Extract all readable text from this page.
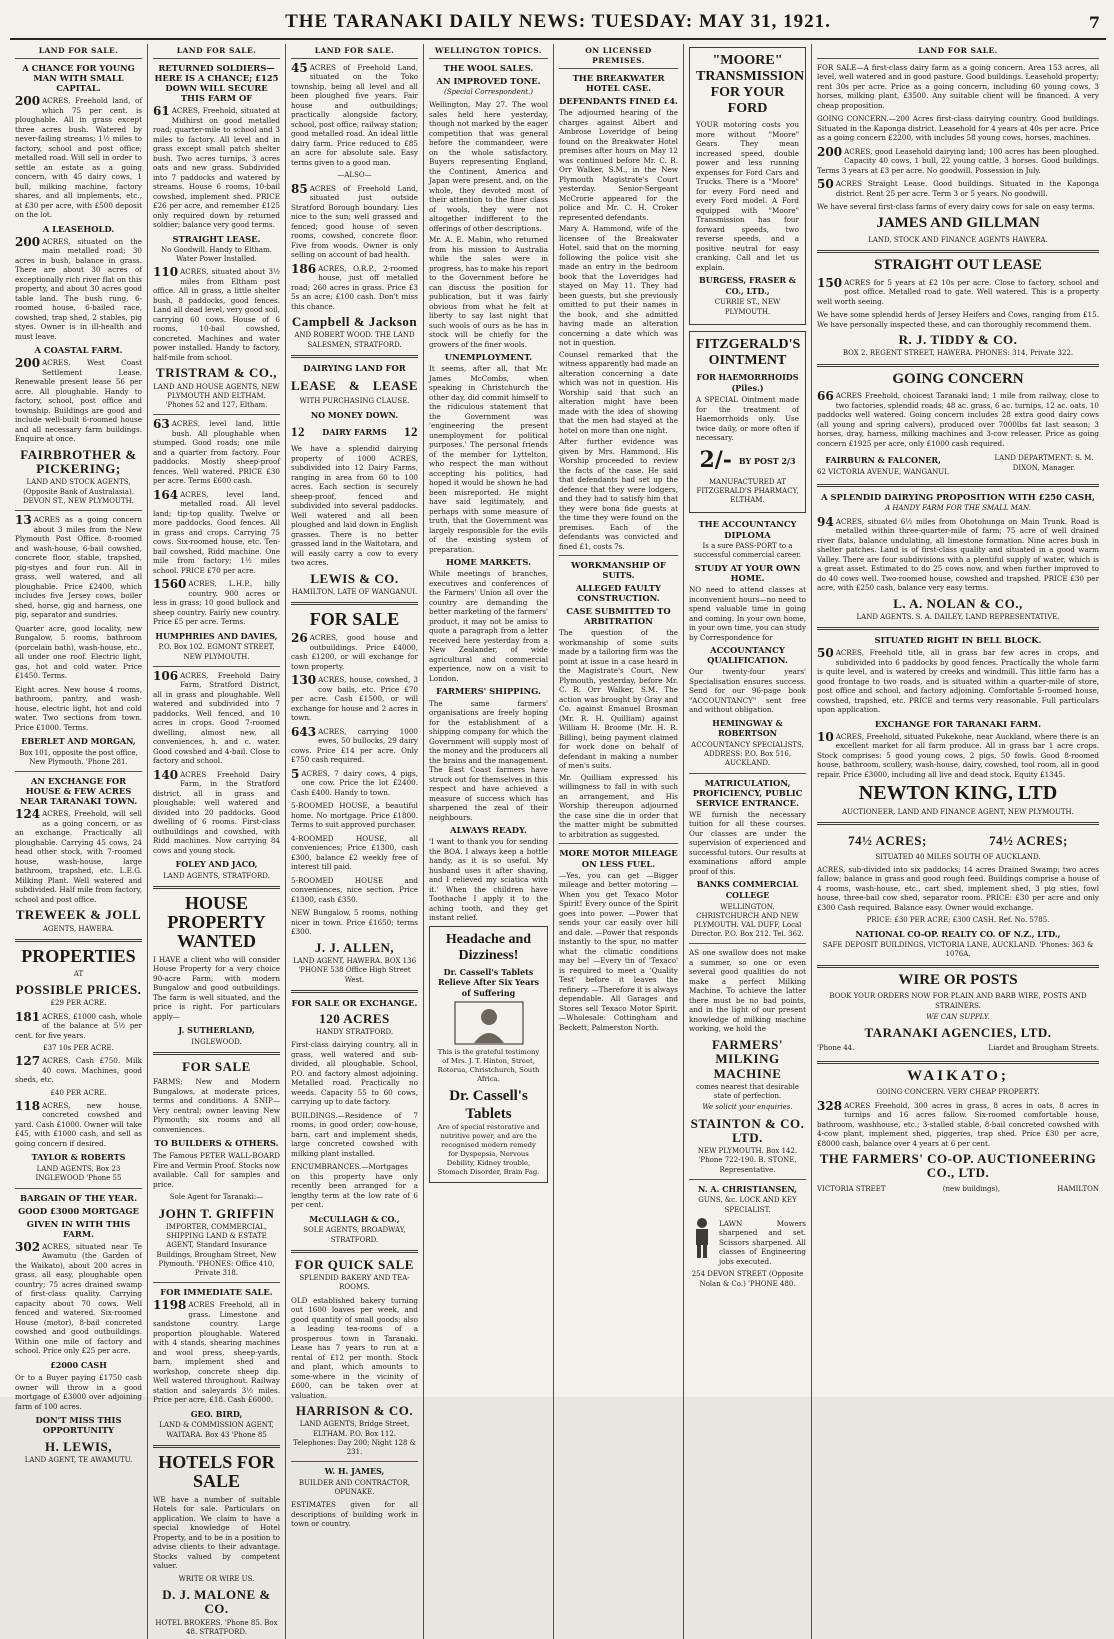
THE TARANAKI DAILY NEWS: TUESDAY: MAY 31, 1921.	7
LAND FOR SALE.
A CHANCE FOR YOUNG MAN WITH SMALL CAPITAL.
200 ACRES, Freehold land, of which 75 per cent. is ploughable. All in grass except three acres bush. Watered by never-failing streams; 1½ miles to factory, school and post office; metalled road. Will sell in order to settle an estate as a going concern, with 45 dairy cows, 1 bull, milking machine, factory shares, and all implements, etc., at £30 per acre, with £500 deposit on the lot.
A LEASEHOLD.
200 ACRES, situated on the main metalled road; 30 acres in bush, balance in grass. There are about 30 acres of exceptionally rich river flat on this property, and about 30 acres good table land. The bush rung, 6-roomed house, 6-bailed race, cowshed, trap shed, 2 stables, pig styes. Owner is in ill-health and must leave.
A COASTAL FARM.
200 ACRES, West Coast Settlement Lease. Renewable present lease 56 per acre. All ploughable. Handy to factory, school, post office and township. Buildings are good and include well-built 6-roomed house and all necessary farm buildings. Enquire at once.
FAIRBROTHER & PICKERING;
LAND AND STOCK AGENTS, (Opposite Bank of Australasia). DEVON ST., NEW PLYMOUTH.
13 ACRES as a going concern about 3 miles from the New Plymouth Post Office. 8-roomed and wash-house, 6-bail cowshed, concrete floor, stable, trapshed, pig-styes and four run. All in grass, well watered, and all ploughable. Price £2400, which includes five Jersey cows, boiler shed, horse, gig and harness, one pig, separator and sundries.
Quarter acre, good locality, new Bungalow, 5 rooms, bathroom (porcelain bath), wash-house, etc., all under one roof. Electric light, gas, hot and cold water. Price £1450. Terms.
Eight acres. New house 4 rooms, bathroom, pantry, and wash-house, electric light, hot and cold water. Two sections from town. Price £1000. Terms.
EBERLET AND MORGAN,
Box 101, opposite the post office, New Plymouth. 'Phone 281.
AN EXCHANGE FOR HOUSE & FEW ACRES NEAR TARANAKI TOWN.
124 ACRES, Freehold, will sell as a going concern, or as an exchange. Practically all ploughable. Carrying 45 cows, 24 head other stock, with 7-roomed house, wash-house, large bathroom, trapshed, etc. L.E.G. Milking Plant. Well watered and subdivided. Half mile from factory, school and post office.
TREWEEK & JOLL
AGENTS, HAWERA.
PROPERTIES
AT
POSSIBLE PRICES.
£29 PER ACRE.
181 ACRES, £1000 cash, whole of the balance at 5½ per cent. for five years.
£37 10s PER ACRE.
127 ACRES, Cash £750. Milk 40 cows. Machines, good sheds, etc.
£40 PER ACRE.
118 ACRES, new house, concreted cowshed and yard. Cash £1000. Owner will take £45, with £1000 cash, and sell as going concern if desired.
TAYLOR & ROBERTS
LAND AGENTS, Box 23 INGLEWOOD 'Phone 55
BARGAIN OF THE YEAR.
GOOD £3000 MORTGAGE
GIVEN IN WITH THIS FARM.
302 ACRES, situated near Te Awamutu (the Garden of the Waikato), about 200 acres in grass, all easy, ploughable open country; 75 acres drained swamp of first-class quality. Carrying capacity about 70 cows. Well fenced and watered. Six-roomed House (motor), 8-bail concreted cowshed and good outbuildings. Within one mile of factory and school. Price only £25 per acre.
£2000 CASH
Or to a Buyer paying £1750 cash owner will throw in a good mortgage of £3000 over adjoining farm of 100 acres.
DON'T MISS THIS OPPORTUNITY
H. LEWIS,
LAND AGENT, TE AWAMUTU.
LAND FOR SALE.
RETURNED SOLDIERS—HERE IS A CHANCE; £125 DOWN WILL SECURE THIS FARM OF
61 ACRES, Freehold, situated at Midhirst on good metalled road; quarter-mile to school and 3 miles to factory. All level and in grass except small patch shelter bush. Two acres turnips, 3 acres oats and new grass. Subdivided into 7 paddocks and watered by streams. House 6 rooms, 10-bail cowshed, implement shed. PRICE £26 per acre, and remember £125 only required down by returned soldier; balance very good terms.
STRAIGHT LEASE.
No Goodwill. Handy to Eltham. Water Power Installed.
110 ACRES, situated about 3½ miles from Eltham post office. All in grass, a little shelter bush, 8 paddocks, good fences. Land all dead level, very good soil, carrying 60 cows. House of 6 rooms, 10-bail cowshed, concreted. Machines and water power installed. Handy to factory, half-mile from school.
TRISTRAM & CO.,
LAND AND HOUSE AGENTS, NEW PLYMOUTH AND ELTHAM. 'Phones 52 and 127, Eltham.
63 ACRES, level land, little bush. All ploughable when stumped. Good roads; one mile and a quarter from factory. Four paddocks. Mostly sheep-proof fences. Well watered. PRICE £30 per acre. Terms £600 cash.
164 ACRES, level land, metalled road. All level land; tip-top quality. Twelve or more paddocks. Good fences. All in grass and crops. Carrying 75 cows. Six-roomed house, etc. Ten-bail cowshed, Ridd machine. One mile from factory; 1½ miles school. PRICE £70 per acre.
1560 ACRES, L.H.P., hilly country. 900 acres or less in grass; 10 good bullock and sheep country. Fairly new country. Price £5 per acre. Terms.
HUMPHRIES AND DAVIES,
P.O. Box 102. EGMONT STREET, NEW PLYMOUTH.
106 ACRES, Freehold Dairy Farm, Stratford District, all in grass and ploughable. Well watered and subdivided into 7 paddocks. Well fenced, and 10 acres in crops. Good 7-roomed dwelling, almost new, all conveniences, h. and c. water. Good cowshed and 4-bail. Close to factory and school.
140 ACRES Freehold Dairy Farm, in the Stratford district, all in grass and ploughable; well watered and divided into 20 paddocks. Good dwelling of 6 rooms. First-class outbuildings and cowshed, with Ridd machines. Now carrying 84 cows and young stock.
FOLEY AND JACO,
LAND AGENTS, STRATFORD.
HOUSE PROPERTY WANTED
I HAVE a client who will consider House Property for a very choice 90-acre Farm, with modern Bungalow and good outbuildings. The farm is well situated, and the price is right. For particulars apply—
J. SUTHERLAND,
INGLEWOOD.
FOR SALE
FARMS; New and Modern Bungalows, at moderate prices, terms and conditions. A SNIP—Very central; owner leaving New Plymouth; six rooms and all conveniences.
TO BUILDERS & OTHERS.
The Famous PETER WALL-BOARD Fire and Vermin Proof. Stocks now available. Call for samples and price.
Sole Agent for Taranaki:—
JOHN T. GRIFFIN
IMPORTER, COMMERCIAL, SHIPPING LAND & ESTATE AGENT, Standard Insurance Buildings, Brougham Street, New Plymouth. 'PHONES: Office 410, Private 318.
FOR IMMEDIATE SALE.
1198 ACRES Freehold, all in grass. Limestone and sandstone country. Large proportion ploughable. Watered with 4 stands, shearing machines and wool press, sheep-yards, barn, implement shed and workshop, concrete sheep dip. Well watered throughout. Railway station and saleyards 3½ miles. Price per acre, £18. Cash £6000.
GEO. BIRD,
LAND & COMMISSION AGENT, WAITARA. Box 43 'Phone 85
HOTELS FOR SALE
WE have a number of suitable Hotels for sale. Particulars on application. We claim to have a special knowledge of Hotel Property, and to be in a position to advise clients to their advantage. Stocks valued by competent valuer.
WRITE OR WIRE US.
D. J. MALONE & CO.
HOTEL BROKERS. 'Phone 85. Box 48. STRATFORD.
LAND FOR SALE.
45 ACRES of Freehold Land, situated on the Toko township, being all level and all been ploughed five years. Fair house and outbuildings; practically alongside factory, school, post office, railway station; good metalled road. An ideal little dairy farm. Price reduced to £85 an acre for absolute sale. Easy terms given to a good man.
—ALSO—
85 ACRES of Freehold Land, situated just outside Stratford Borough boundary. Lies nice to the sun; well grassed and fenced; good house of seven rooms, cowshed, concrete floor. Five from woods. Owner is only selling on account of bad health.
186 ACRES, O.R.P., 2-roomed house, just off metalled road; 260 acres in grass. Price £3 5s an acre; £100 cash. Don't miss this chance.
Campbell & Jackson
AND ROBERT WOOD. THE LAND SALESMEN, STRATFORD.
DAIRYING LAND FOR
LEASE & LEASE
WITH PURCHASING CLAUSE.
NO MONEY DOWN.
12 DAIRY FARMS 12
We have a splendid dairying property of 1000 ACRES, subdivided into 12 Dairy Farms, ranging in area from 60 to 100 acres. Each section is securely sheep-proof, fenced and subdivided into several paddocks. Well watered and all been ploughed and laid down in English grasses. There is no better grassed land in the Waitotara, and will easily carry a cow to every two acres.
LEWIS & CO.
HAMILTON, LATE OF WANGANUI.
FOR SALE
26 ACRES, good house and outbuildings. Price £4000, cash £1200, or will exchange for town property.
130 ACRES, house, cowshed, 3 cow bails, etc. Price £70 per acre. Cash £1500, or will exchange for house and 2 acres in town.
643 ACRES, carrying 1000 ewes, 50 bullocks, 29 dairy cows. Price £14 per acre. Only £750 cash required.
5 ACRES, 7 dairy cows, 4 pigs, one cow. Price the lot £2400. Cash £400. Handy to town.
5-ROOMED HOUSE, a beautiful home. No mortgage. Price £1800. Terms to suit approved purchaser.
4-ROOMED HOUSE, all conveniences; Price £1300, cash £300, balance £2 weekly free of interest till paid.
5-ROOMED HOUSE and conveniences, nice section. Price £1300, cash £350.
NEW Bungalow, 5 rooms, nothing nicer in town. Price £1650; terms £300.
J. J. ALLEN,
LAND AGENT, HAWERA. BOX 136 'PHONE 538 Office High Street West.
FOR SALE OR EXCHANGE.
120 ACRES
HANDY STRATFORD.
First-class dairying country, all in grass, well watered and sub-divided, all ploughable. School, P.O. and factory almost adjoining. Metalled road. Practically no weeds. Capacity 55 to 60 cows, carrying up to date factory.
BUILDINGS.—Residence of 7 rooms, in good order; cow-house, barn, cart and implement sheds, large concreted cowshed with milking plant installed.
ENCUMBRANCES.—Mortgages on this property have only recently been arranged for a lengthy term at the low rate of 6 per cent.
McCULLAGH & CO.,
SOLE AGENTS, BROADWAY, STRATFORD.
FOR QUICK SALE
SPLENDID BAKERY AND TEA-ROOMS.
OLD established bakery turning out 1600 loaves per week, and good quantity of small goods; also a leading tea-rooms of a prosperous town in Taranaki. Lease has 7 years to run at a rental of £12 per month. Stock and plant, which amounts to some-where in the vicinity of £600, can be taken over at valuation.
HARRISON & CO.
LAND AGENTS, Bridge Street, ELTHAM. P.O. Box 112. Telephones: Day 200; Night 128 & 231.
W. H. JAMES,
BUILDER AND CONTRACTOR, OPUNAKE.
ESTIMATES given for all descriptions of building work in town or country.
WELLINGTON TOPICS.
THE WOOL SALES.
AN IMPROVED TONE.
(Special Correspondent.)

Wellington, May 27. The wool sales held here yesterday, though not marked by the eager competition that was general before the commandeer, were on the whole satisfactory. Buyers representing England, the Continent, America and Japan were present, and, on the whole, they devoted most of their attention to the finer class of wools, they were not altogether indifferent to the offerings of other descriptions.

Mr. A. E. Mabin, who returned from his mission to Australia while the sales were in progress, has to make his report to the Government before he can discuss the position for publication, but it was fairly obvious from what he felt at liberty to say last night that such wools of ours as he has in stock will be chiefly for the growers of the finer wools.

UNEMPLOYMENT.

It seems, after all, that Mr. James McCombs, when speaking in Christchurch the other day, did commit himself to the ridiculous statement that the Government was 'engineering the present unemployment for political purposes.' The personal friends of the member for Lyttelton, who respect the man without accepting his politics, had hoped it would be shown he had been misreported. He might have said legitimately, and perhaps with some measure of truth, that the Government was largely responsible for the evils of the existing system of preparation.

HOME MARKETS.

While meetings of branches, executives and conferences of the Farmers' Union all over the country are demanding the better marketing of the farmers' product, it may not be amiss to quote a paragraph from a letter received here yesterday from a New Zealander, of wide agricultural and commercial experience, now on a visit to London.

FARMERS' SHIPPING.

The same farmers' organisations are freely hoping for the establishment of a shipping company for which the Government will supply most of the money and the producers all the brains and the management. The East Coast farmers have struck out for themselves in this respect and have achieved a measure of success which has sharpened the zeal of their neighbours.

ALWAYS READY.

'I want to thank you for sending the BOA. I always keep a bottle handy, as it is so useful. My husband uses it after shaving, and I relieved my sciatica with it.' When the children have Toothache I apply it to the aching tooth, and they get instant relief.

Headache and Dizziness!
Dr. Cassell's Tablets Relieve After Six Years of Suffering
This is the grateful testimony of Mrs. J. T. Hinton, Street, Rotorua, Christchurch, South Africa.
Dr. Cassell's Tablets
Are of special restorative and nutritive power, and are the recognised modern remedy for Dyspepsia, Nervous Debility, Kidney trouble, Stomach Disorder, Brain Fag.
ON LICENSED PREMISES.
THE BREAKWATER HOTEL CASE.
DEFENDANTS FINED £4.

The adjourned hearing of the charges against Albert and Ambrose Loveridge of being found on the Breakwater Hotel premises after hours on May 12 was continued before Mr. C. R. Orr Walker, S.M., in the New Plymouth Magistrate's Court yesterday. Senior-Sergeant McCrorie appeared for the police and Mr. C. H. Croker represented defendants.

Mary A. Hammond, wife of the licensee of the Breakwater Hotel, said that on the morning following the police visit she made an entry in the bedroom book that the Loveridges had stayed on May 11. They had been guests, but she previously omitted to put their names in the book, and she admitted having made an alteration concerning a date which was not in question.

Counsel remarked that the witness apparently had made an alteration concerning a date which was not in question. His Worship said that such an alteration might have been made with the idea of showing that the men had stayed at the hotel on more than one night.

After further evidence was given by Mrs. Hammond, His Worship proceeded to review the facts of the case. He said that defendants had set up the defence that they were lodgers, and they had to satisfy him that they were bona fide guests at the time they were found on the premises. Each of the defendants was convicted and fined £1, costs 7s.

WORKMANSHIP OF SUITS.
ALLEGED FAULTY CONSTRUCTION.
CASE SUBMITTED TO ARBITRATION

The question of the workmanship of some suits made by a tailoring firm was the point at issue in a case heard in the Magistrate's Court, New Plymouth, yesterday, before Mr. C. R. Orr Walker, S.M. The action was brought by Gray and Co. against Emanuel Brosman (Mr. R. H. Quilliam) against William H. Broome (Mr. H. R. Billing), being payment claimed for work done on behalf of defendant in making a number of men's suits.

Mr. Quilliam expressed his willingness to fall in with such an arrangement, and His Worship thereupon adjourned the case sine die in order that the matter might be submitted to arbitration as suggested.

MORE MOTOR MILEAGE ON LESS FUEL.

—Yes, you can get —Bigger mileage and better motoring —When you get Texaco Motor Spirit! Every ounce of the Spirit goes into power. —Power that sends your car easily over hill and dale. —Power that responds instantly to the spur, no matter what the climatic conditions may be! —Every tin of 'Texaco' is required to meet a 'Quality Test' before it leaves the refinery. —Therefore it is always dependable. All Garages and Stores sell Texaco Motor Spirit. —Wholesale: Cottingham and Beckett, Palmerston North.

"MOORE" TRANSMISSION FOR YOUR FORD
YOUR motoring costs you more without "Moore" Gears. They mean increased speed, double power and less running expenses for Ford Cars and Trucks. There is a "Moore" for every Ford need and every Ford model. A Ford equipped with "Moore" Transmission has four forward speeds, two reverse speeds, and a positive neutral for easy cranking. Call and let us explain.
BURGESS, FRASER & CO., LTD.,
CURRIE ST., NEW PLYMOUTH.
FITZGERALD'S OINTMENT
FOR HAEMORRHOIDS (Piles.)
A SPECIAL Ointment made for the treatment of Haemorrhoids only. Use twice daily, or more often if necessary.
2/- BY POST 2/3
MANUFACTURED AT FITZGERALD'S PHARMACY, ELTHAM.
THE ACCOUNTANCY DIPLOMA
Is a sure PASS-PORT to a successful commercial career.
STUDY AT YOUR OWN HOME.
NO need to attend classes at inconvenient hours—no need to spend valuable time in going and coming. In your own home, in your own time, you can study by Correspondence for
ACCOUNTANCY QUALIFICATION.
Our twenty-four years' Specialisation ensures success. Send for our 96-page book "ACCOUNTANCY" sent free and without obligation.
HEMINGWAY & ROBERTSON
ACCOUNTANCY SPECIALISTS, ADDRESS: P.O. Box 516, AUCKLAND.
MATRICULATION, PROFICIENCY, PUBLIC SERVICE ENTRANCE.
WE furnish the necessary tuition for all these courses. Our classes are under the supervision of experienced and successful tutors. Our results at examinations afford ample proof of this.
BANKS COMMERCIAL COLLEGE
WELLINGTON, CHRISTCHURCH AND NEW PLYMOUTH. VAL DUFF, Local Director. P.O. Box 212. Tel. 362.
AS one swallow does not make a summer, so one or even several good qualities do not make a perfect Milking Machine. To achieve the latter there must be no bad points, and in the light of our present knowledge of milking machine working, we hold the
FARMERS' MILKING MACHINE
comes nearest that desirable state of perfection.
We solicit your enquiries.
STAINTON & CO. LTD.
NEW PLYMOUTH. Box 142. 'Phone 722-190. B. STONE, Representative.
N. A. CHRISTIANSEN,
GUNS, &c. LOCK AND KEY SPECIALIST.
LAWN Mowers sharpened and set. Scissors sharpened. All classes of Engineering jobs executed.
254 DEVON STREET (Opposite Nolan & Co.) 'PHONE 480.
LAND FOR SALE.
FOR SALE—A first-class dairy farm as a going concern. Area 153 acres, all level, well watered and in good pasture. Good buildings. Leasehold property; rent 30s per acre. Price as a going concern, including 60 young cows, 3 horses, milking plant, £3500. Any suitable client will be financed. A very cheap proposition.
GOING CONCERN.—200 Acres first-class dairying country. Good buildings. Situated in the Kaponga district. Leasehold for 4 years at 40s per acre. Price as a going concern £2200, with includes 58 young cows, horses, machines.
200 ACRES, good Leasehold dairying land; 100 acres has been ploughed. Capacity 40 cows, 1 bull, 22 young cattle, 3 horses. Good buildings. Terms 3 years at £3 per acre. No goodwill. Possession in July.
50 ACRES Straight Lease. Good buildings. Situated in the Kaponga district. Rent 25 per acre. Term 3 or 5 years. No goodwill.
We have several first-class farms of every dairy cows for sale on easy terms.
JAMES AND GILLMAN
LAND, STOCK AND FINANCE AGENTS HAWERA.
STRAIGHT OUT LEASE
150 ACRES for 5 years at £2 10s per acre. Close to factory, school and post office. Metalled road to gate. Well watered. This is a property well worth seeing.
We have some splendid herds of Jersey Heifers and Cows, ranging from £15. We have personally inspected these, and can thoroughly recommend them.
R. J. TIDDY & CO.
BOX 2. REGENT STREET, HAWERA. PHONES: 314, Private 322.
GOING CONCERN
66 ACRES Freehold, choicest Taranaki land; 1 mile from railway, close to two factories, splendid roads; 48 ac. grass, 6 ac. turnips, 12 ac. oats, 10 paddocks well watered. Going concern includes 28 extra good dairy cows (all young and spring calvers), produced over 7000lbs fat last season; 3 horses, dray, harness, milking machines and 3-cow releaser. Price as going concern £1925 per acre, only £1000 cash required.
FAIRBURN & FALCONER,
62 VICTORIA AVENUE, WANGANUI.
LAND DEPARTMENT: S. M. DIXON, Manager.
A SPLENDID DAIRYING PROPOSITION WITH £250 CASH,
A HANDY FARM FOR THE SMALL MAN.
94 ACRES, situated 6½ miles from Ohotohunga on Main Trunk. Road is metalled within three-quarter-mile of farm; 75 acre of well drained river flats, balance undulating, all limestone formation. Nine acres bush in shelter patches. Land is of first-class quality and situated in a good warm Valley. There are four subdivisions with a plentiful supply of water, which is a great asset. Estimated to do 25 cows now, and when further improved to do 40 cows well. Two-roomed house, cowshed and trapshed. PRICE £30 per acre, with £250 cash, balance very easy terms.
L. A. NOLAN & CO.,
LAND AGENTS. S. A. DAILEY, LAND REPRESENTATIVE.
SITUATED RIGHT IN BELL BLOCK.
50 ACRES, Freehold title, all in grass bar few acres in crops, and subdivided into 6 paddocks by good fences. Practically the whole farm is quite level, and is watered by creeks and windmill. This little farm has a good frontage to two roads, and is situated within a quarter-mile of store, post office and school, and factory adjoining. Comfortable 5-roomed house, cowshed, trapshed, etc. PRICE and terms very reasonable. Full particulars upon application.
EXCHANGE FOR TARANAKI FARM.
10 ACRES, Freehold, situated Pukekohe, near Auckland, where there is an excellent market for all farm produce. All in grass bar 1 acre crops. Stock comprises: 5 good young cows, 2 pigs, 50 fowls. Good 8-roomed house, bathroom, scullery, wash-house, dairy, cowshed, tool room, all in good repair. Price £3000, including all live and dead stock. Equity £1345.
NEWTON KING, LTD
AUCTIONEER, LAND AND FINANCE AGENT, NEW PLYMOUTH.
74½ ACRES;	74½ ACRES;
SITUATED 40 MILES SOUTH OF AUCKLAND.
ACRES, sub-divided into six paddocks; 14 acres Drained Swamp; two acres fallow; balance in grass and good rough feed. Buildings comprise a house of 4 rooms, wash-house, etc., cart shed, implement shed, 3 pig sties, fowl house, three-bail cow shed, separator room. PRICE: £30 per acre and only £300 Cash required. Balance easy. Owner would exchange.
PRICE: £30 PER ACRE; £300 CASH. Ref. No. 5785.
NATIONAL CO-OP. REALTY CO. OF N.Z., LTD.,
SAFE DEPOSIT BUILDINGS, VICTORIA LANE, AUCKLAND. 'Phones: 363 & 1076A.
WIRE OR POSTS
BOOK YOUR ORDERS NOW FOR PLAIN AND BARB WIRE, POSTS AND STRAINERS.
WE CAN SUPPLY.
TARANAKI AGENCIES, LTD.
'Phone 44.	Liardet and Brougham Streets.
WAIKATO;
GOING CONCERN. VERY CHEAP PROPERTY.
328 ACRES Freehold, 300 acres in grass, 8 acres in oats, 8 acres in turnips and 16 acres fallow. Six-roomed comfortable house, bathroom, washhouse, etc.; 3-stalled stable, 8-bail concreted cowshed with 4-cow plant, implement shed, piggeries, trap shed. Price £30 per acre, £8000 cash, balance over 4 years at 6 per cent.
THE FARMERS' CO-OP. AUCTIONEERING CO., LTD.
VICTORIA STREET	(new buildings),	HAMILTON
